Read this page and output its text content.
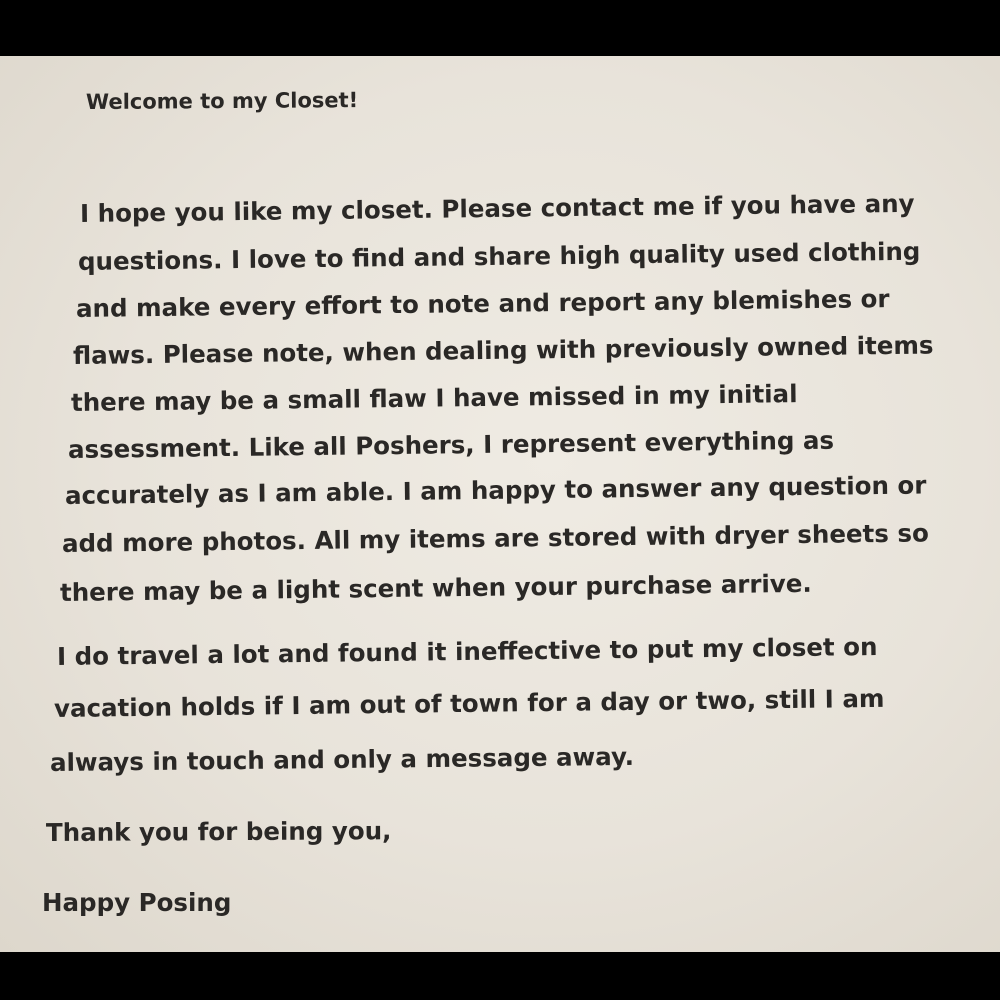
Welcome to my Closet!

I hope you like my closet. Please contact me if you have any

questions. I love to find and share high quality used clothing

and make every effort to note and report any blemishes or

flaws. Please note, when dealing with previously owned items

there may be a small flaw I have missed in my initial

assessment. Like all Poshers, I represent everything as

accurately as I am able. I am happy to answer any question or

add more photos. All my items are stored with dryer sheets so

there may be a light scent when your purchase arrive.

I do travel a lot and found it ineffective to put my closet on

vacation holds if I am out of town for a day or two, still I am

always in touch and only a message away.

Thank you for being you,

Happy Posing
